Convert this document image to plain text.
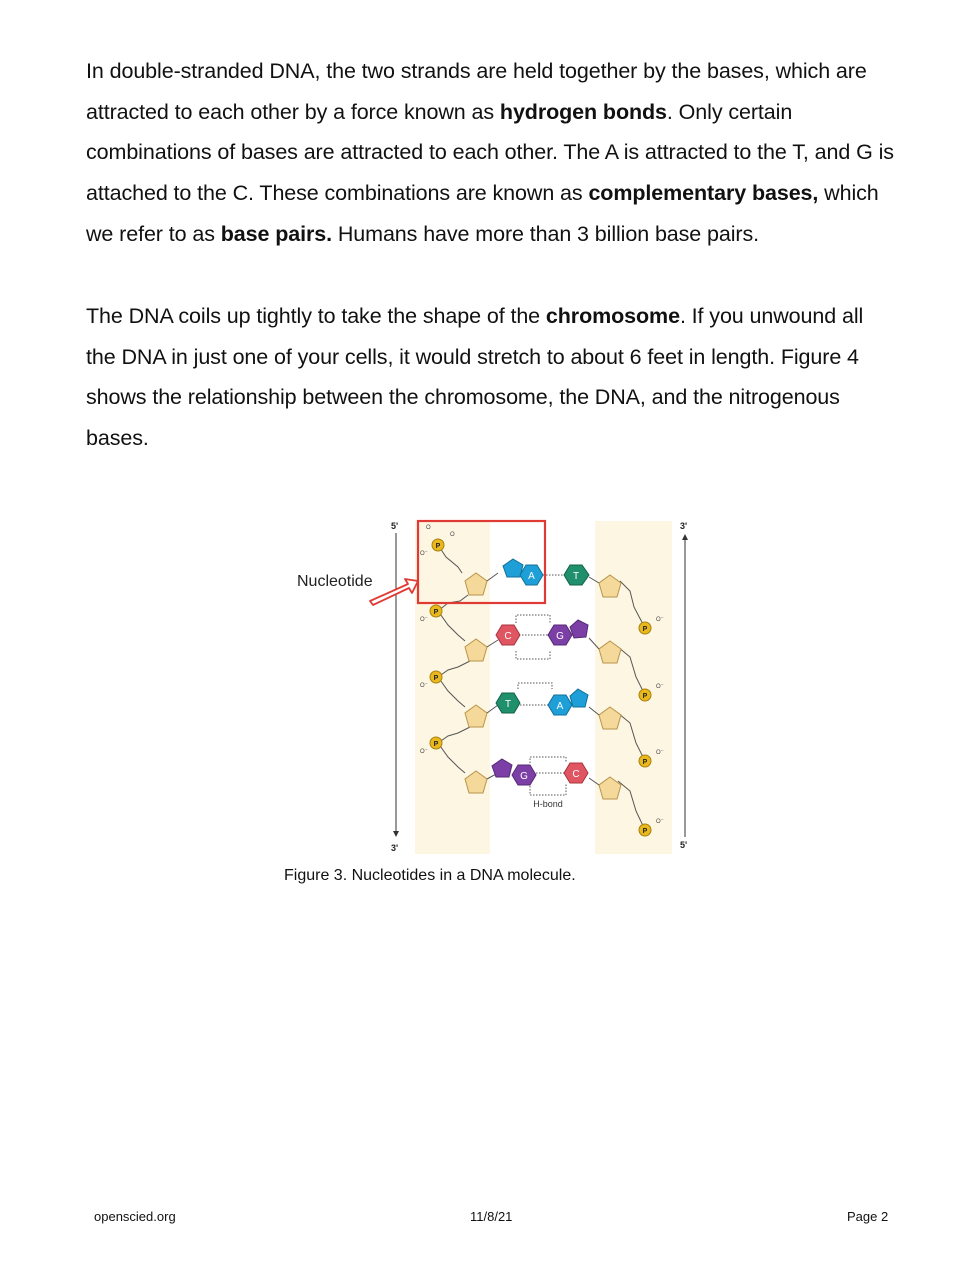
In double-stranded DNA, the two strands are held together by the bases, which are attracted to each other by a force known as hydrogen bonds. Only certain combinations of bases are attracted to each other. The A is attracted to the T, and G is attached to the C. These combinations are known as complementary bases, which we refer to as base pairs. Humans have more than 3 billion base pairs.

The DNA coils up tightly to take the shape of the chromosome. If you unwound all the DNA in just one of your cells, it would stretch to about 6 feet in length. Figure 4 shows the relationship between the chromosome, the DNA, and the nitrogenous bases.

5'
3'
3'
5'
A	T
C	G
T	A
G	C
H-bond
P
O
O
O⁻
P
O⁻
P
O⁻
P
O⁻
P
O⁻
P
O⁻
P
O⁻
P
O⁻
Nucleotide

Figure 3. Nucleotides in a DNA molecule.

openscied.org	11/8/21	Page 2
